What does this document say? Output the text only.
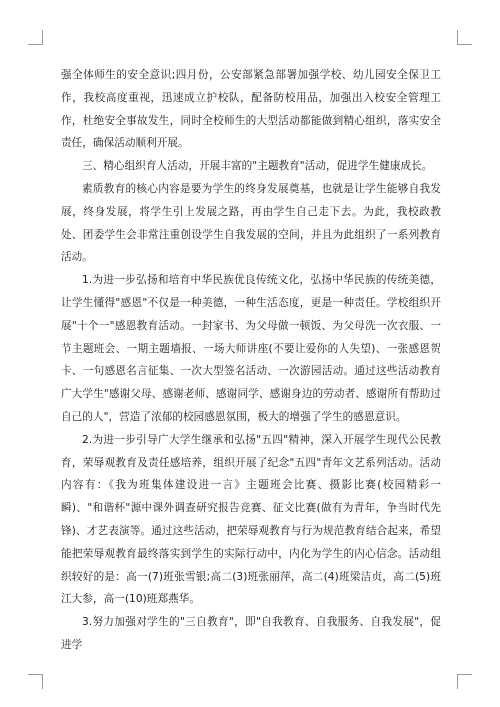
强全体师生的安全意识;四月份，公安部紧急部署加强学校、幼儿园安全保卫工作，我校高度重视，迅速成立护校队，配备防校用品，加强出入校安全管理工作，杜绝安全事故发生，同时全校师生的大型活动都能做到精心组织，落实安全责任，确保活动顺利开展。

三、精心组织育人活动，开展丰富的"主题教育"活动，促进学生健康成长。

素质教育的核心内容是要为学生的终身发展奠基，也就是让学生能够自我发展，终身发展，将学生引上发展之路，再由学生自己走下去。为此，我校政教处、团委学生会非常注重创设学生自我发展的空间，并且为此组织了一系列教育活动。

1.为进一步弘扬和培育中华民族优良传统文化，弘扬中华民族的传统美德，让学生懂得"感恩"不仅是一种美德，一种生活态度，更是一种责任。学校组织开展"十个一"感恩教育活动。一封家书、为父母做一顿饭、为父母洗一次衣服、一节主题班会、一期主题墙报、一场大师讲座(不要让爱你的人失望)、一张感恩贺卡、一句感恩名言征集、一次大型签名活动、一次游园活动。通过这些活动教育广大学生"感谢父母、感谢老师、感谢同学、感谢身边的劳动者、感谢所有帮助过自己的人"，营造了浓郁的校园感恩氛围，极大的增强了学生的感恩意识。

2.为进一步引导广大学生继承和弘扬"五四"精神，深入开展学生现代公民教育，荣辱观教育及责任感培养，组织开展了纪念"五四"青年文艺系列活动。活动内容有：《我为班集体建设进一言》主题班会比赛、摄影比赛(校园精彩一瞬)、"和谐杯"源中课外调查研究报告竞赛、征文比赛(做有为青年，争当时代先锋)、才艺表演等。通过这些活动，把荣辱观教育与行为规范教育结合起来，希望能把荣辱观教育最终落实到学生的实际行动中，内化为学生的内心信念。活动组织较好的是：高一(7)班张雪银;高二(3)班张丽萍，高二(4)班梁洁贞，高二(5)班江大参，高一(10)班郑燕华。

3.努力加强对学生的"三自教育"，即"自我教育、自我服务、自我发展"，促进学
